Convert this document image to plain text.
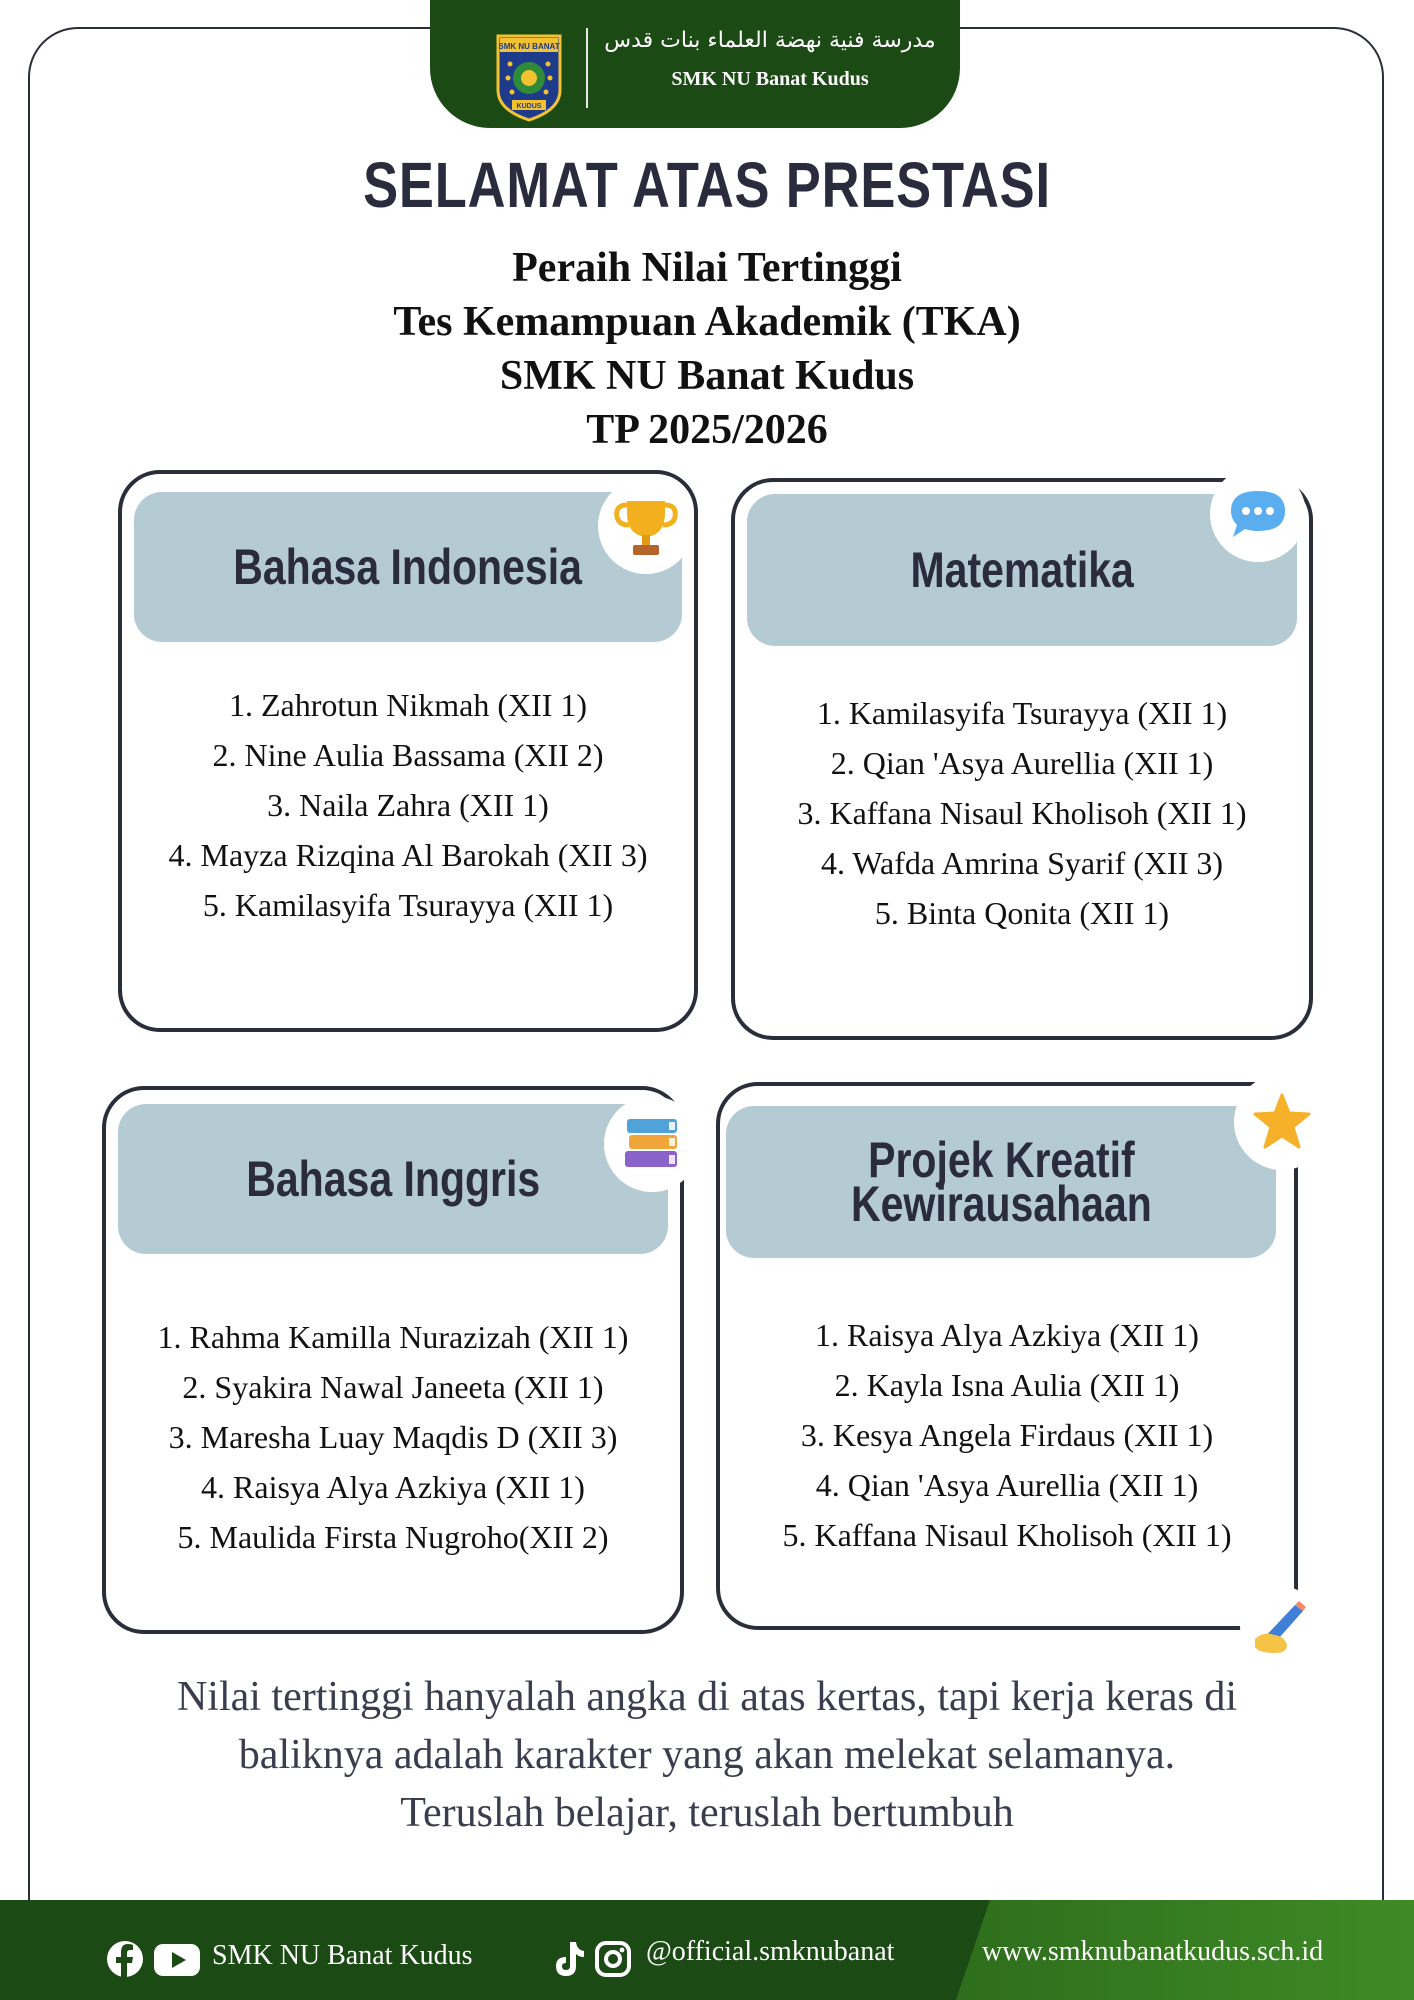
SMK NU BANAT
KUDUS
مدرسة فنية نهضة العلماء بنات قدس
SMK NU Banat Kudus
SELAMAT ATAS PRESTASI
Peraih Nilai Tertinggi
Tes Kemampuan Akademik (TKA)
SMK NU Banat Kudus
TP 2025/2026
Bahasa Indonesia
1. Zahrotun Nikmah (XII 1)
2. Nine Aulia Bassama (XII 2)
3. Naila Zahra (XII 1)
4. Mayza Rizqina Al Barokah (XII 3)
5. Kamilasyifa Tsurayya (XII 1)
Matematika
1. Kamilasyifa Tsurayya (XII 1)
2. Qian 'Asya Aurellia (XII 1)
3. Kaffana Nisaul Kholisoh (XII 1)
4. Wafda Amrina Syarif (XII 3)
5. Binta Qonita (XII 1)
Bahasa Inggris
1. Rahma Kamilla Nurazizah (XII 1)
2. Syakira Nawal Janeeta (XII 1)
3. Maresha Luay Maqdis D (XII 3)
4. Raisya Alya Azkiya (XII 1)
5. Maulida Firsta Nugroho(XII 2)
Projek Kreatif
Kewirausahaan
1. Raisya Alya Azkiya (XII 1)
2. Kayla Isna Aulia (XII 1)
3. Kesya Angela Firdaus (XII 1)
4. Qian 'Asya Aurellia (XII 1)
5. Kaffana Nisaul Kholisoh (XII 1)
Nilai tertinggi hanyalah angka di atas kertas, tapi kerja keras di
baliknya adalah karakter yang akan melekat selamanya.
Teruslah belajar, teruslah bertumbuh
SMK NU Banat Kudus	@official.smknubanat	www.smknubanatkudus.sch.id
